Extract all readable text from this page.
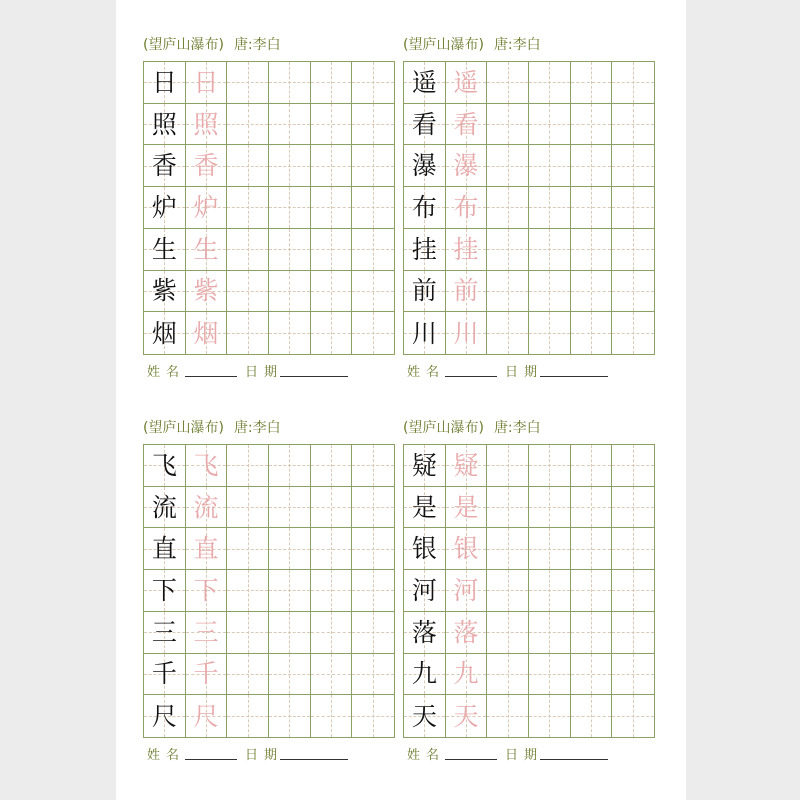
(望庐山瀑布) 唐:李白
日 日
照 照
香 香
炉 炉
生 生
紫 紫
烟 烟
姓名	日期
(望庐山瀑布) 唐:李白
遥 遥
看 看
瀑 瀑
布 布
挂 挂
前 前
川 川
姓名	日期
(望庐山瀑布) 唐:李白
飞 飞
流 流
直 直
下 下
三 三
千 千
尺 尺
姓名	日期
(望庐山瀑布) 唐:李白
疑 疑
是 是
银 银
河 河
落 落
九 九
天 天
姓名	日期
